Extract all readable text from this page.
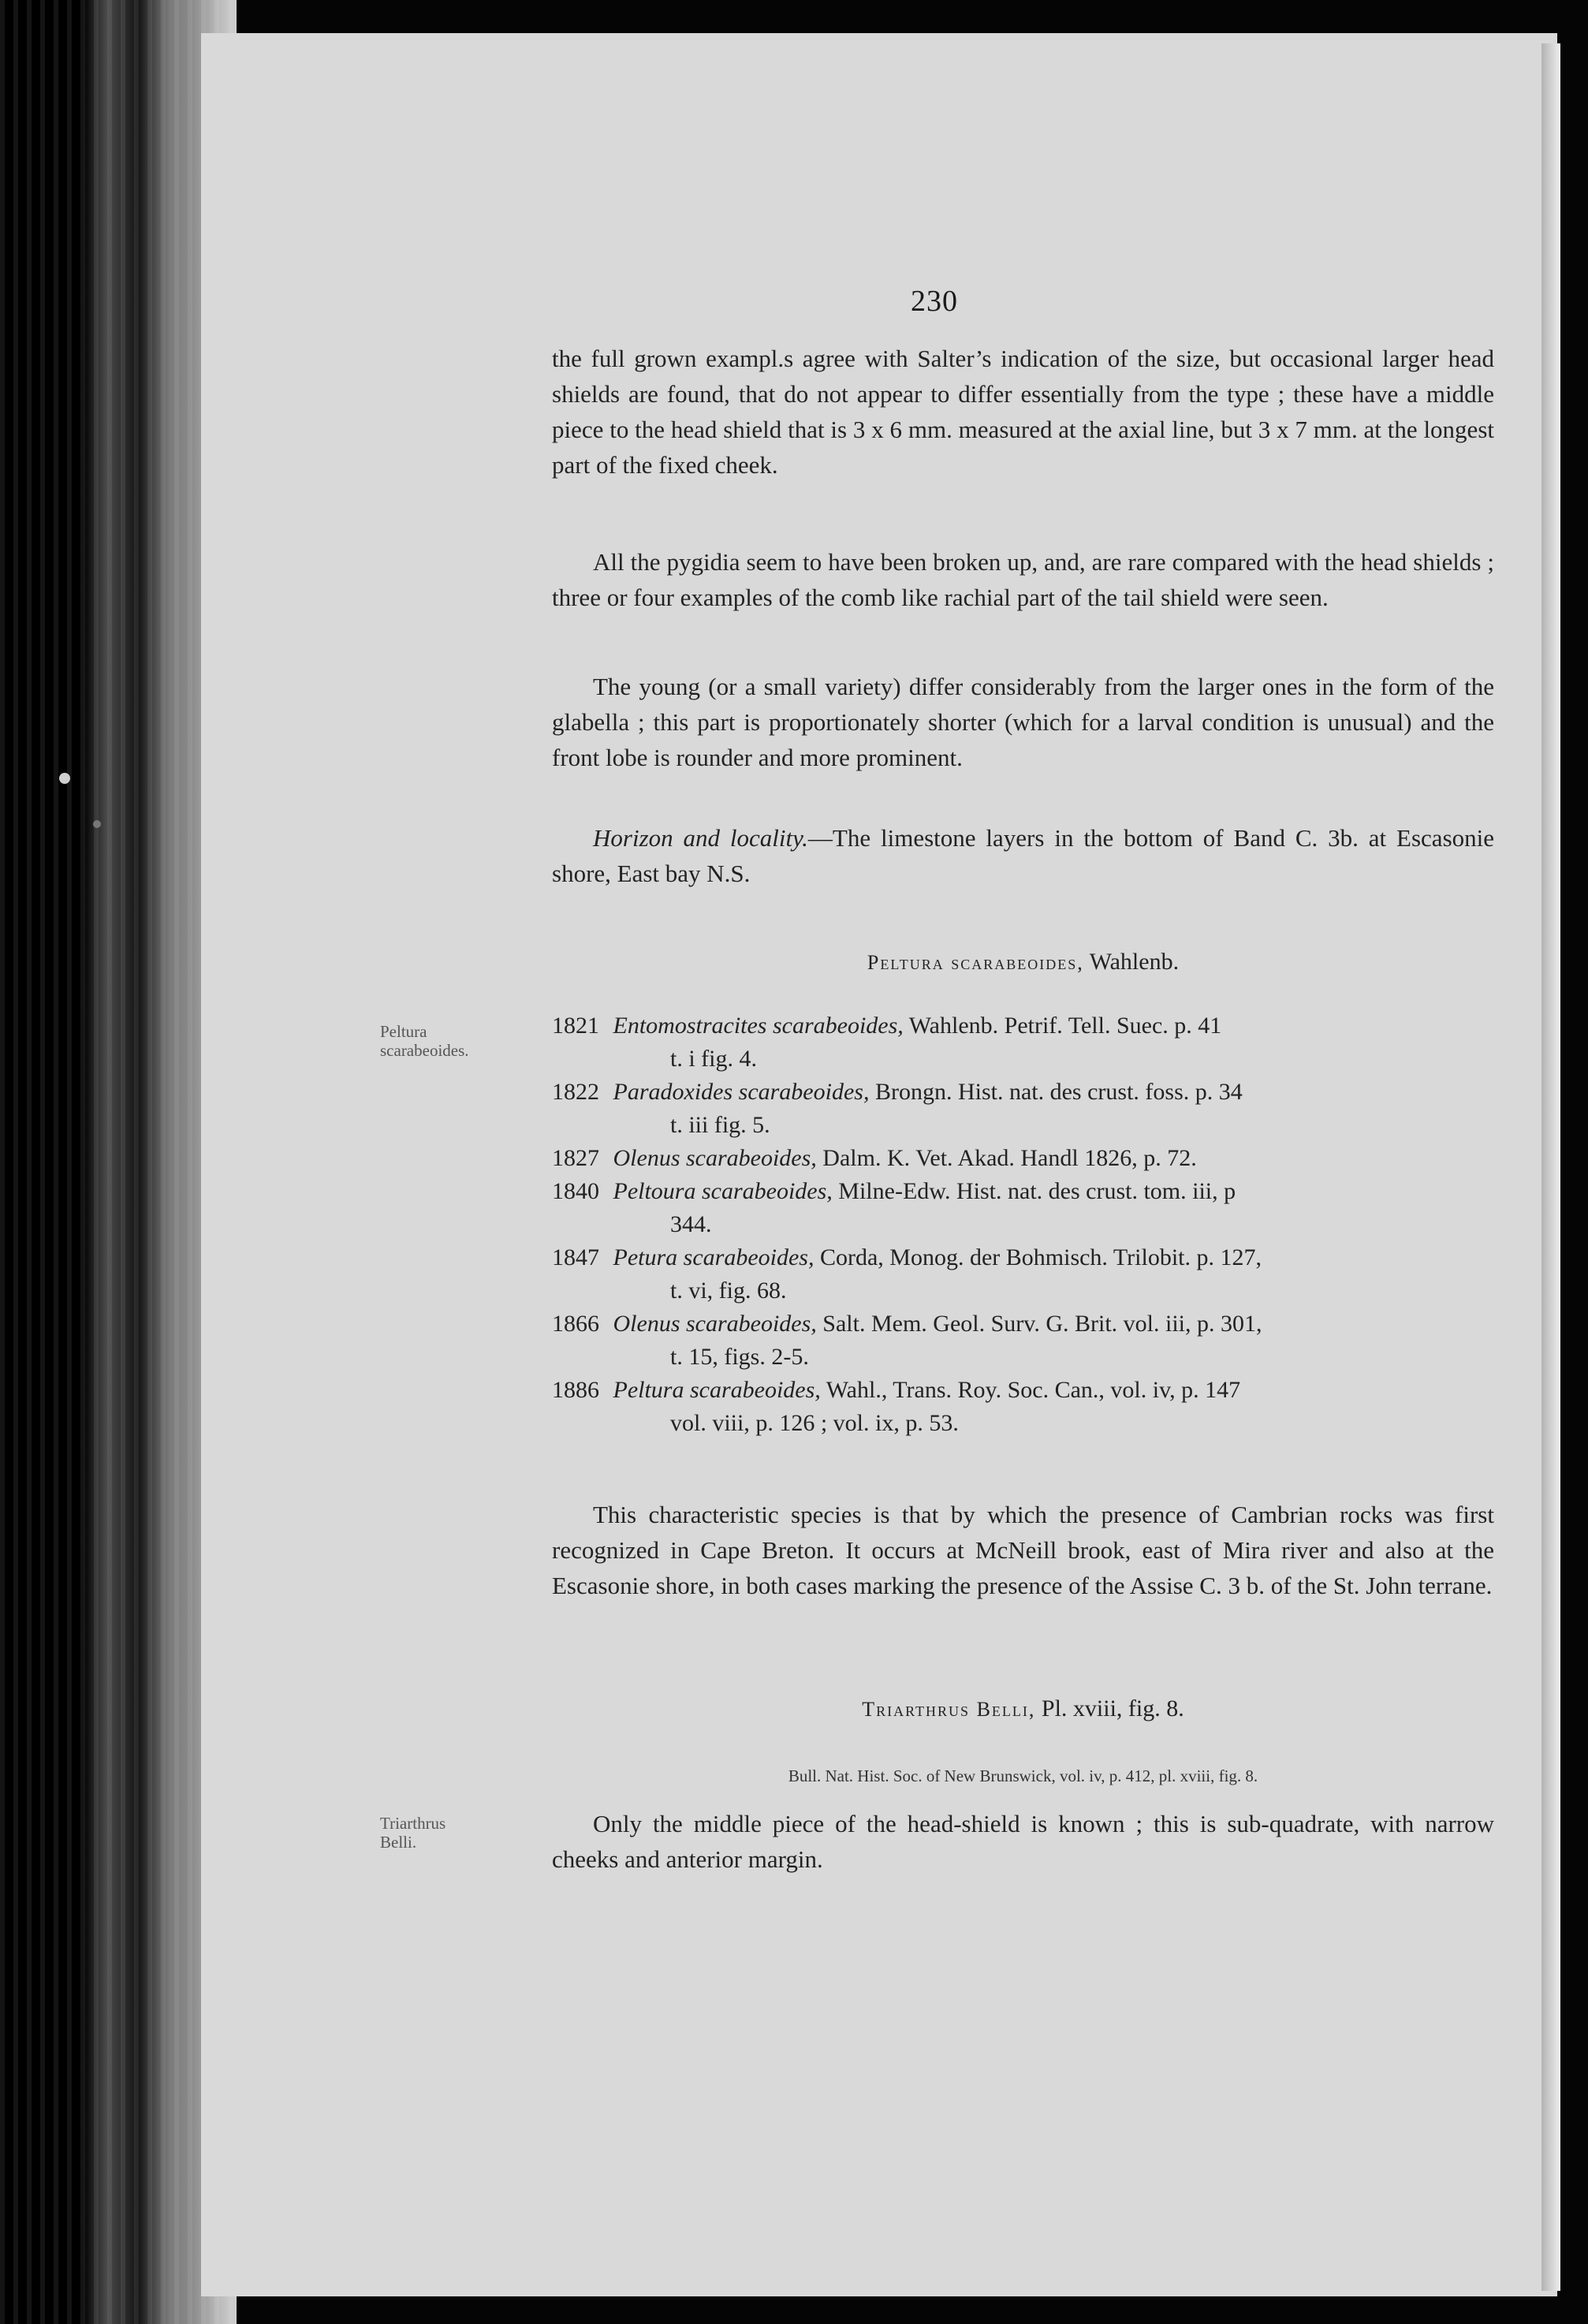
230

the full grown exampl‌.s agree with Salter’s indication of the size, but occasional larger head shields are found, that do not appear to differ essentially from the type ; these have a middle piece to the head shield that is 3 x 6 mm. measured at the axial line, but 3 x 7 mm. at the longest part of the fixed cheek.

All the pygidia seem to have been broken up, and, are rare compared with the head shields ; three or four examples of the comb like rachial part of the tail shield were seen.

The young (or a small variety) differ considerably from the larger ones in the form of the glabella ; this part is proportionately shorter (which for a larval condition is unusual) and the front lobe is rounder and more prominent.

Horizon and locality.—The limestone layers in the bottom of Band C. 3b. at Escasonie shore, East bay N.S.

Peltura scarabeoides, Wahlenb.
Peltura
scarabeoides.
1821 Entomostracites scarabeoides, Wahlenb. Petrif. Tell. Suec. p. 41
t. i fig. 4.
1822 Paradoxides scarabeoides, Brongn. Hist. nat. des crust. foss. p. 34
t. iii fig. 5.
1827 Olenus scarabeoides, Dalm. K. Vet. Akad. Handl 1826, p. 72.
1840 Peltoura scarabeoides, Milne-Edw. Hist. nat. des crust. tom. iii, p
344.
1847 Petura scarabeoides, Corda, Monog. der Bohmisch. Trilobit. p. 127,
t. vi, fig. 68.
1866 Olenus scarabeoides, Salt. Mem. Geol. Surv. G. Brit. vol. iii, p. 301,
t. 15, figs. 2-5.
1886 Peltura scarabeoides, Wahl., Trans. Roy. Soc. Can., vol. iv, p. 147
vol. viii, p. 126 ; vol. ix, p. 53.

This characteristic species is that by which the presence of Cambrian rocks was first recognized in Cape Breton. It occurs at McNeill brook, east of Mira river and also at the Escasonie shore, in both cases marking the presence of the Assise C. 3 b. of the St. John terrane.

Triarthrus Belli, Pl. xviii, fig. 8.
Bull. Nat. Hist. Soc. of New Brunswick, vol. iv, p. 412, pl. xviii, fig. 8.
Triarthrus
Belli.

Only the middle piece of the head-shield is known ; this is sub-quadrate, with narrow cheeks and anterior margin.
